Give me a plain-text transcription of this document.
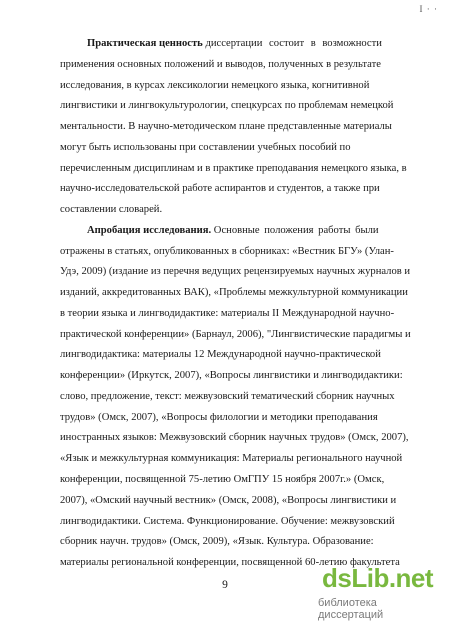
I · ·
Практическая ценность диссертации состоит в возможности
применения основных положений и выводов, полученных в результате
исследования, в курсах лексикологии немецкого языка, когнитивной
лингвистики и лингвокультурологии, спецкурсах по проблемам немецкой
ментальности. В научно-методическом плане представленные материалы
могут быть использованы при составлении учебных пособий по
перечисленным дисциплинам и в практике преподавания немецкого языка, в
научно-исследовательской работе аспирантов и студентов, а также при
составлении словарей.
Апробация исследования. Основные положения работы были
отражены в статьях, опубликованных в сборниках: «Вестник БГУ» (Улан-
Удэ, 2009) (издание из перечня ведущих рецензируемых научных журналов и
изданий, аккредитованных ВАК), «Проблемы межкультурной коммуникации
в теории языка и лингводидактике: материалы II Международной научно-
практической конференции» (Барнаул, 2006), "Лингвистические парадигмы и
лингводидактика: материалы 12 Международной научно-практической
конференции» (Иркутск, 2007), «Вопросы лингвистики и лингводидактики:
слово, предложение, текст: межвузовский тематический сборник научных
трудов» (Омск, 2007), «Вопросы филологии и методики преподавания
иностранных языков: Межвузовский сборник научных трудов» (Омск, 2007),
«Язык и межкультурная коммуникация: Материалы регионального научной
конференции, посвященной 75-летию ОмГПУ 15 ноября 2007г.» (Омск,
2007), «Омский научный вестник» (Омск, 2008), «Вопросы лингвистики и
лингводидактики. Система. Функционирование. Обучение: межвузовский
сборник научн. трудов» (Омск, 2009), «Язык. Культура. Образование:
материалы региональной конференции, посвященной 60-летию факультета
9	dsLib.net
библиотека диссертаций
